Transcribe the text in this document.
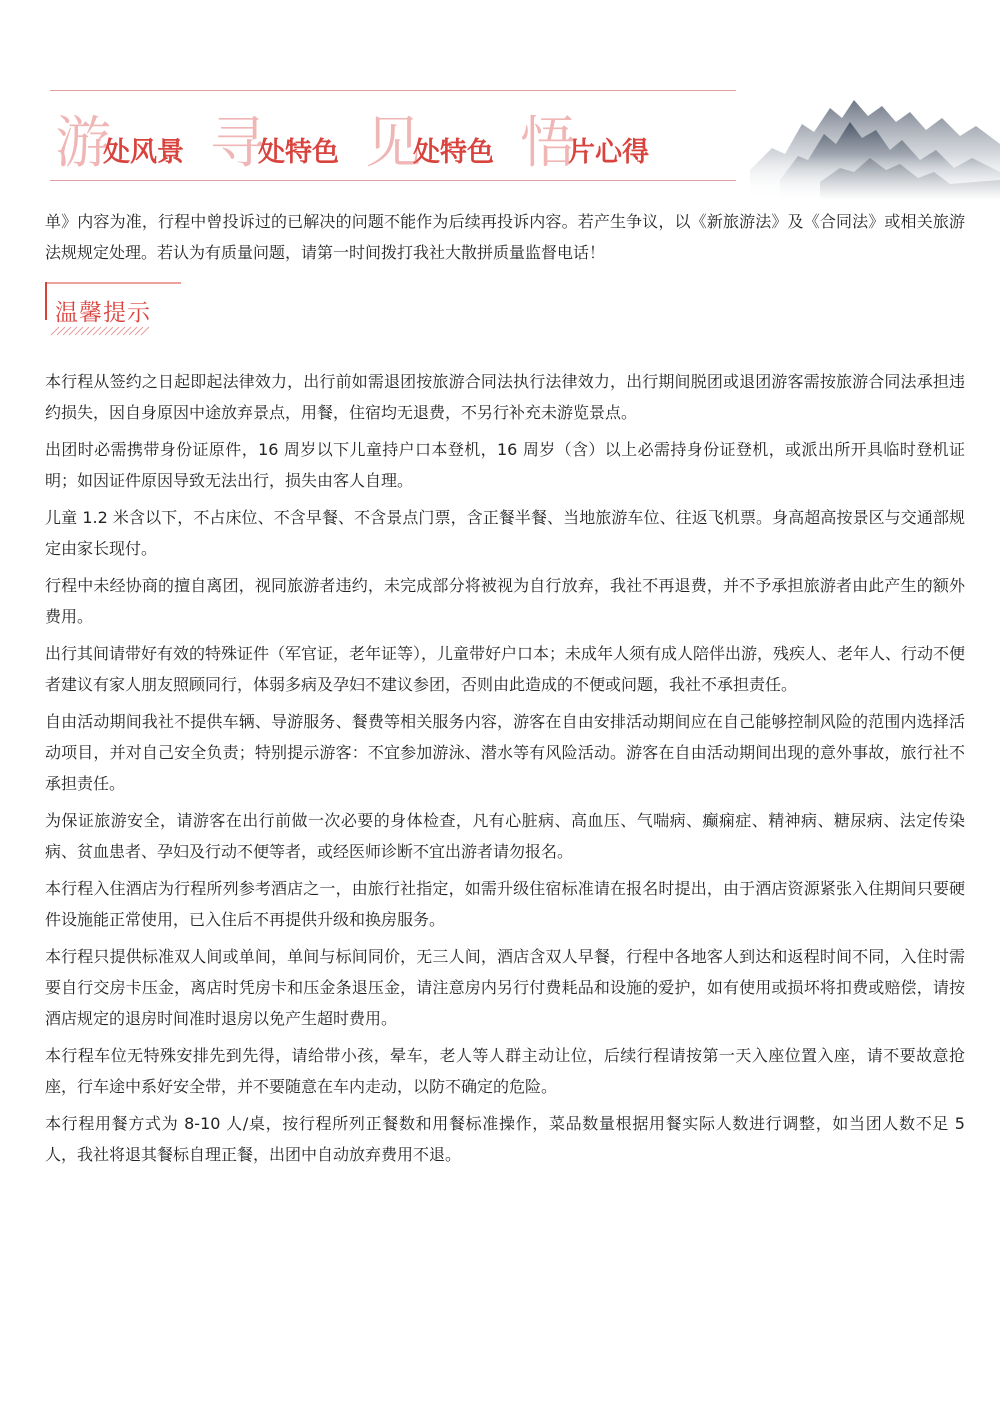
游
处风景 寻
处特色 见
处特色 悟
片心得

单》内容为准，行程中曾投诉过的已解决的问题不能作为后续再投诉内容。若产生争议，以《新旅游法》及《合同法》或相关旅游法规规定处理。若认为有质量问题，请第一时间拨打我社大散拼质量监督电话！

温馨提示

本行程从签约之日起即起法律效力，出行前如需退团按旅游合同法执行法律效力，出行期间脱团或退团游客需按旅游合同法承担违约损失，因自身原因中途放弃景点，用餐，住宿均无退费，不另行补充未游览景点。

出团时必需携带身份证原件，16 周岁以下儿童持户口本登机，16 周岁（含）以上必需持身份证登机，或派出所开具临时登机证明；如因证件原因导致无法出行，损失由客人自理。

儿童 1.2 米含以下，不占床位、不含早餐、不含景点门票，含正餐半餐、当地旅游车位、往返飞机票。身高超高按景区与交通部规定由家长现付。

行程中未经协商的擅自离团，视同旅游者违约，未完成部分将被视为自行放弃，我社不再退费，并不予承担旅游者由此产生的额外费用。

出行其间请带好有效的特殊证件（军官证，老年证等），儿童带好户口本；未成年人须有成人陪伴出游，残疾人、老年人、行动不便者建议有家人朋友照顾同行，体弱多病及孕妇不建议参团，否则由此造成的不便或问题，我社不承担责任。

自由活动期间我社不提供车辆、导游服务、餐费等相关服务内容，游客在自由安排活动期间应在自己能够控制风险的范围内选择活动项目，并对自己安全负责；特别提示游客：不宜参加游泳、潜水等有风险活动。游客在自由活动期间出现的意外事故，旅行社不承担责任。

为保证旅游安全，请游客在出行前做一次必要的身体检查，凡有心脏病、高血压、气喘病、癫痫症、精神病、糖尿病、法定传染病、贫血患者、孕妇及行动不便等者，或经医师诊断不宜出游者请勿报名。

本行程入住酒店为行程所列参考酒店之一，由旅行社指定，如需升级住宿标准请在报名时提出，由于酒店资源紧张入住期间只要硬件设施能正常使用，已入住后不再提供升级和换房服务。

本行程只提供标准双人间或单间，单间与标间同价，无三人间，酒店含双人早餐，行程中各地客人到达和返程时间不同，入住时需要自行交房卡压金，离店时凭房卡和压金条退压金，请注意房内另行付费耗品和设施的爱护，如有使用或损坏将扣费或赔偿，请按酒店规定的退房时间准时退房以免产生超时费用。

本行程车位无特殊安排先到先得，请给带小孩，晕车，老人等人群主动让位，后续行程请按第一天入座位置入座，请不要故意抢座，行车途中系好安全带，并不要随意在车内走动，以防不确定的危险。

本行程用餐方式为 8-10 人/桌，按行程所列正餐数和用餐标准操作，菜品数量根据用餐实际人数进行调整，如当团人数不足 5 人，我社将退其餐标自理正餐，出团中自动放弃费用不退。
